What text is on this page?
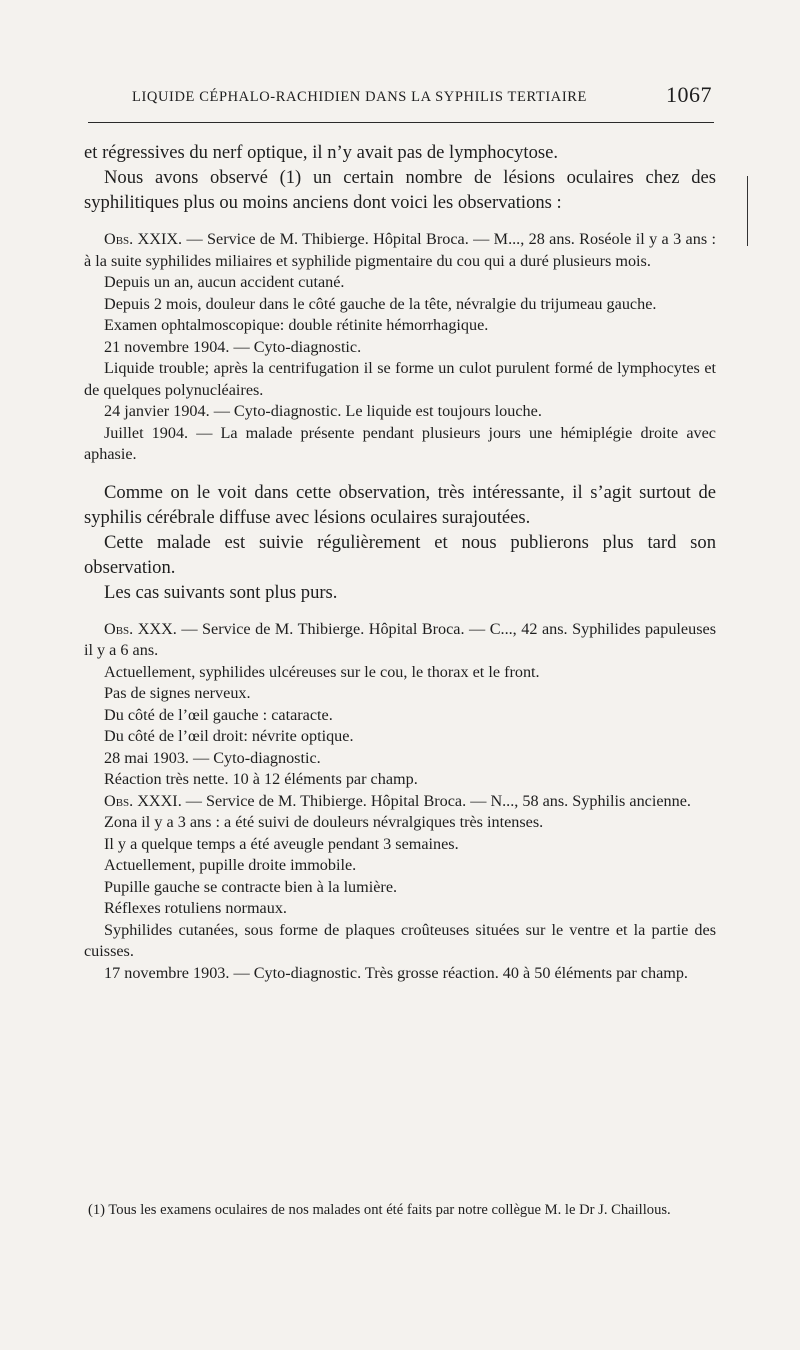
LIQUIDE CÉPHALO-RACHIDIEN DANS LA SYPHILIS TERTIAIRE	1067

et régressives du nerf optique, il n’y avait pas de lymphocytose.

Nous avons observé (1) un certain nombre de lésions oculaires chez des syphilitiques plus ou moins anciens dont voici les observations :

Obs. XXIX. — Service de M. Thibierge. Hôpital Broca. — M..., 28 ans. Roséole il y a 3 ans : à la suite syphilides miliaires et syphilide pigmentaire du cou qui a duré plusieurs mois.

Depuis un an, aucun accident cutané.

Depuis 2 mois, douleur dans le côté gauche de la tête, névralgie du trijumeau gauche.

Examen ophtalmoscopique: double rétinite hémorrhagique.

21 novembre 1904. — Cyto-diagnostic.

Liquide trouble; après la centrifugation il se forme un culot purulent formé de lymphocytes et de quelques polynucléaires.

24 janvier 1904. — Cyto-diagnostic. Le liquide est toujours louche.

Juillet 1904. — La malade présente pendant plusieurs jours une hémiplégie droite avec aphasie.

Comme on le voit dans cette observation, très intéressante, il s’agit surtout de syphilis cérébrale diffuse avec lésions oculaires surajoutées.

Cette malade est suivie régulièrement et nous publierons plus tard son observation.

Les cas suivants sont plus purs.

Obs. XXX. — Service de M. Thibierge. Hôpital Broca. — C..., 42 ans. Syphilides papuleuses il y a 6 ans.

Actuellement, syphilides ulcéreuses sur le cou, le thorax et le front.

Pas de signes nerveux.

Du côté de l’œil gauche : cataracte.

Du côté de l’œil droit: névrite optique.

28 mai 1903. — Cyto-diagnostic.

Réaction très nette. 10 à 12 éléments par champ.

Obs. XXXI. — Service de M. Thibierge. Hôpital Broca. — N..., 58 ans. Syphilis ancienne.

Zona il y a 3 ans : a été suivi de douleurs névralgiques très intenses.

Il y a quelque temps a été aveugle pendant 3 semaines.

Actuellement, pupille droite immobile.

Pupille gauche se contracte bien à la lumière.

Réflexes rotuliens normaux.

Syphilides cutanées, sous forme de plaques croûteuses situées sur le ventre et la partie des cuisses.

17 novembre 1903. — Cyto-diagnostic. Très grosse réaction. 40 à 50 éléments par champ.

(1) Tous les examens oculaires de nos malades ont été faits par notre collègue M. le Dr J. Chaillous.
